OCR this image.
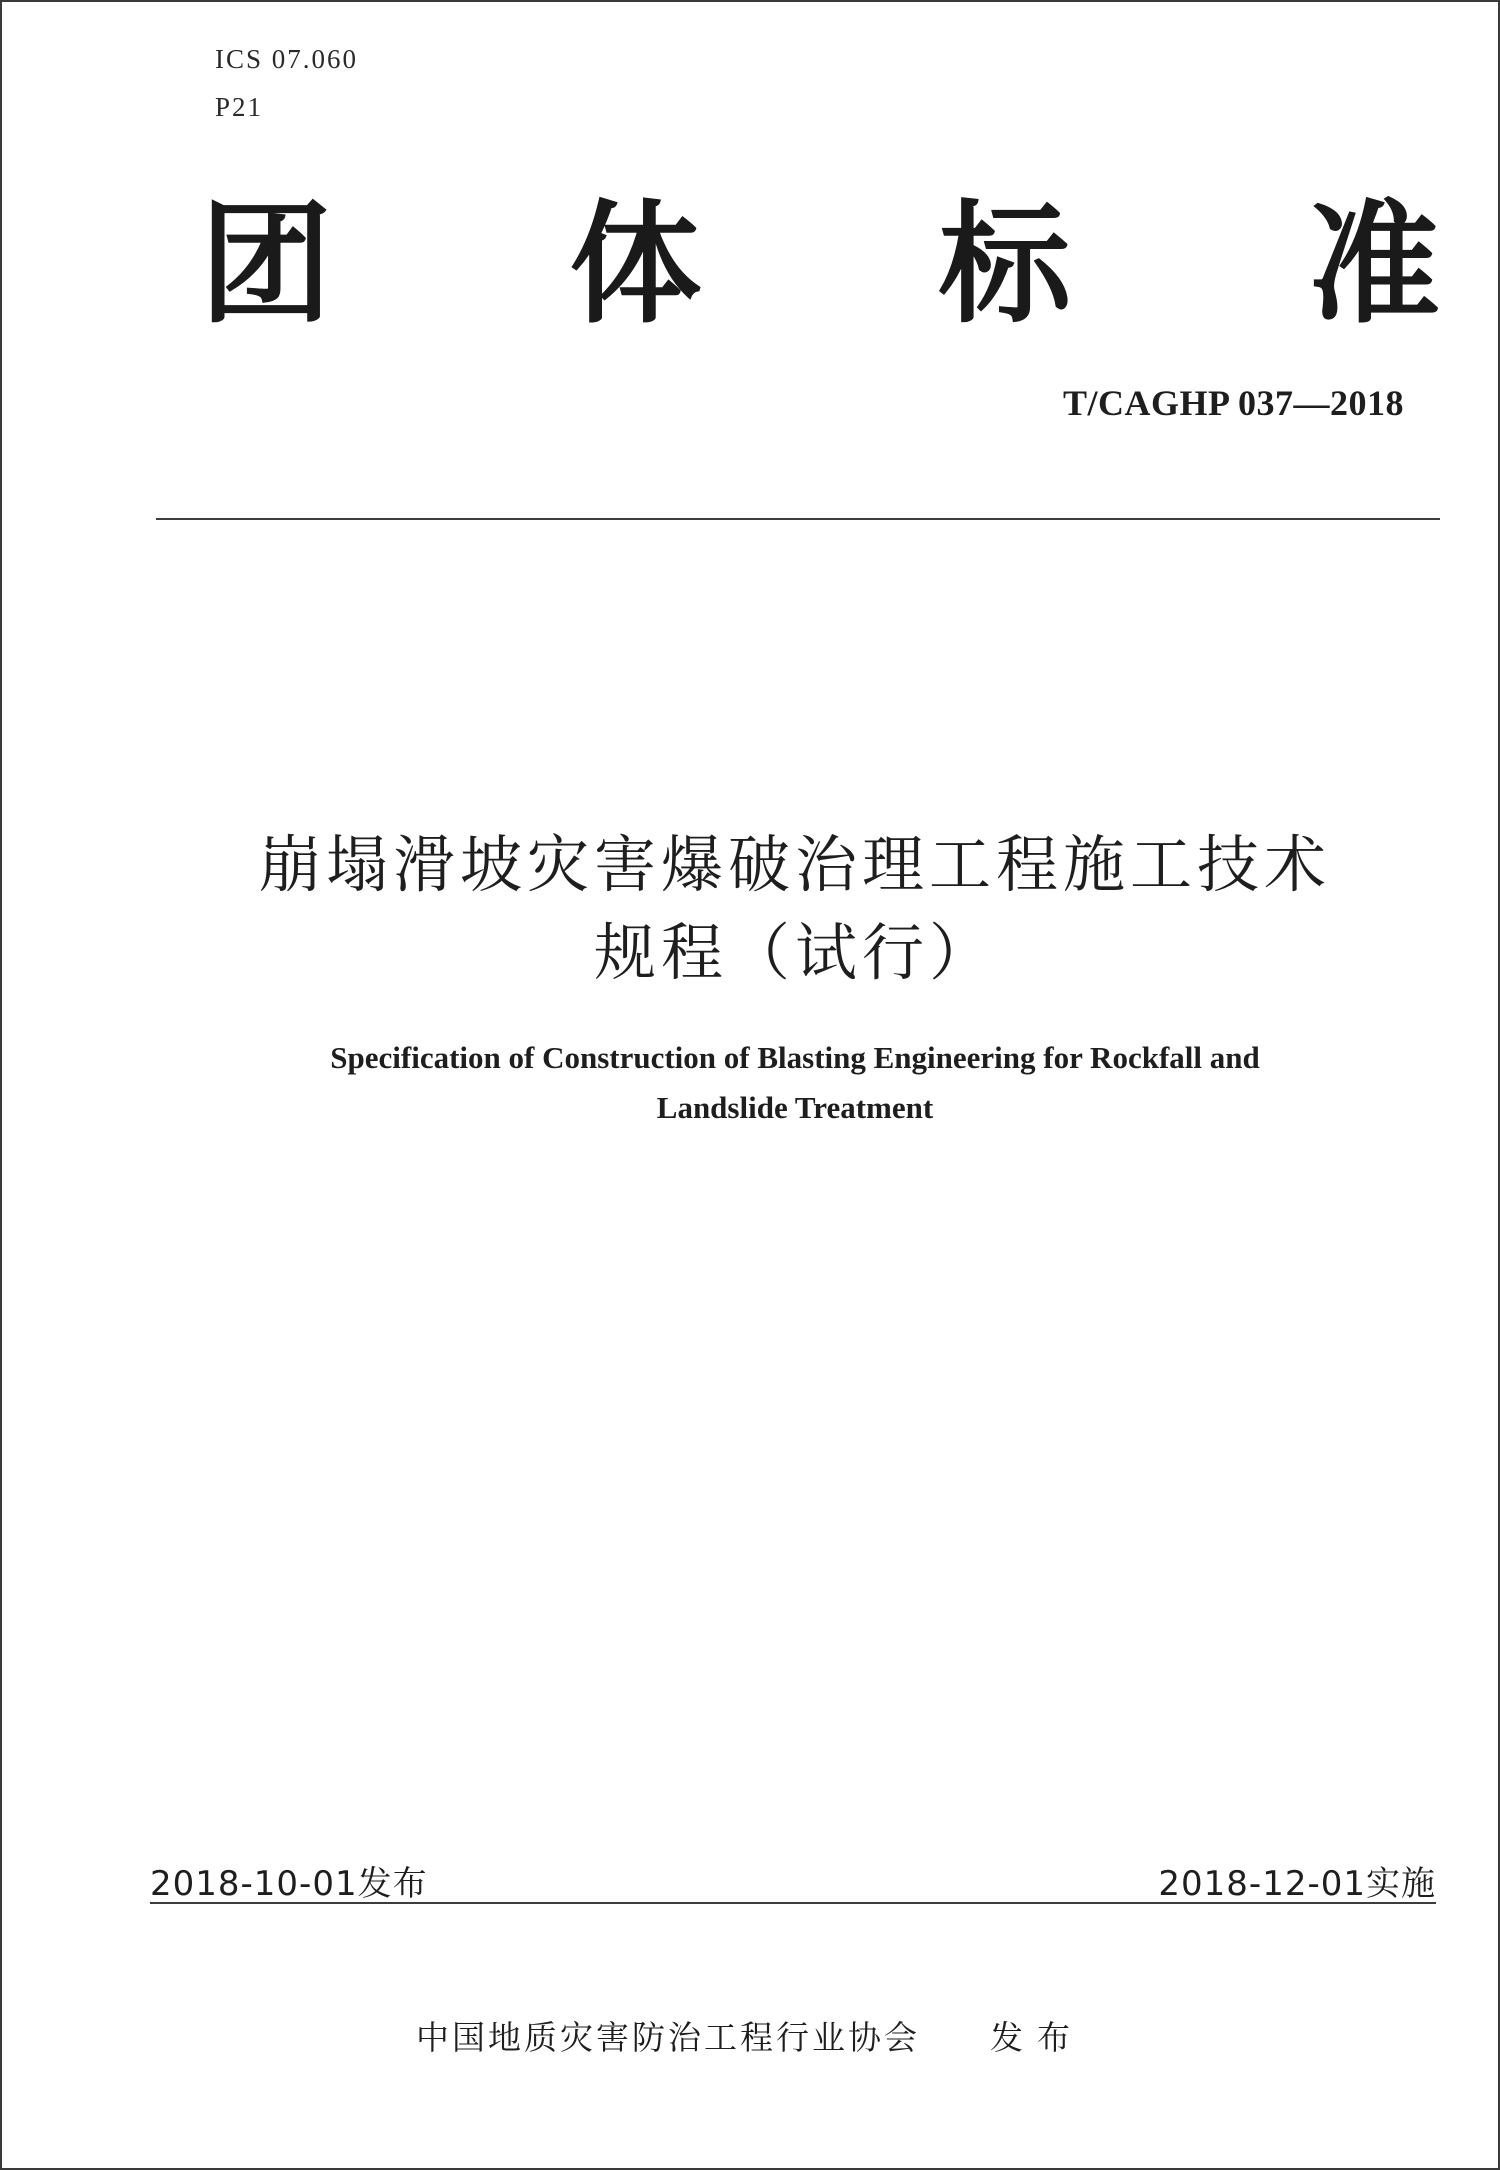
ICS 07.060
P21
团 体 标 准
T/CAGHP 037—2018
崩塌滑坡灾害爆破治理工程施工技术
规程（试行）
Specification of Construction of Blasting Engineering for Rockfall and
Landslide Treatment
2018-10-01发布	2018-12-01实施
中国地质灾害防治工程行业协会 发布
